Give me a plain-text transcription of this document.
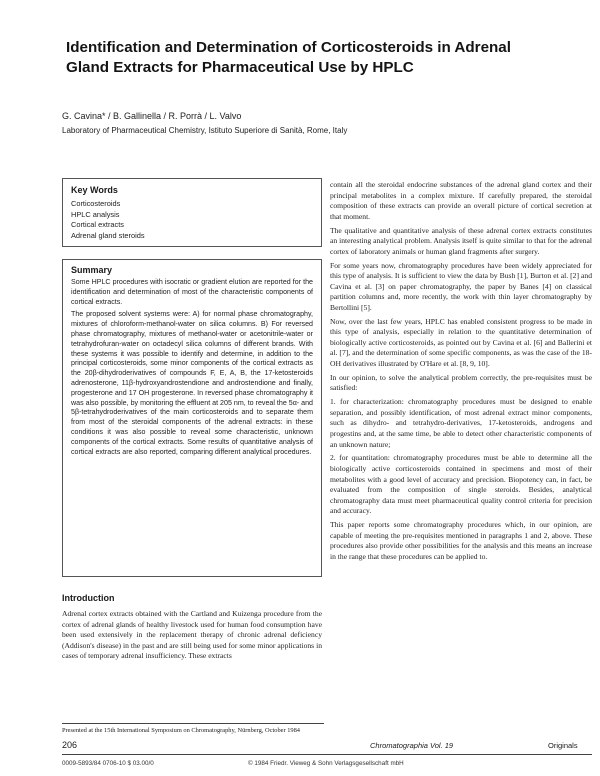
Identification and Determination of Corticosteroids in Adrenal Gland Extracts for Pharmaceutical Use by HPLC
G. Cavina* / B. Gallinella / R. Porrà / L. Valvo
Laboratory of Pharmaceutical Chemistry, Istituto Superiore di Sanità, Rome, Italy
Key Words
Corticosteroids
HPLC analysis
Cortical extracts
Adrenal gland steroids
Summary

Some HPLC procedures with isocratic or gradient elution are reported for the identification and determination of most of the characteristic components of cortical extracts.

The proposed solvent systems were: A) for normal phase chromatography, mixtures of chloroform-methanol-water on silica columns. B) For reversed phase chromatography, mixtures of methanol-water or acetonitrile-water or tetrahydrofuran-water on octadecyl silica columns of different brands. With these systems it was possible to identify and determine, in addition to the principal corticosteroids, some minor components of the cortical extracts as the 20β-dihydroderivatives of compounds F, E, A, B, the 17-ketosteroids adrenosterone, 11β-hydroxyandrostendione and androstendione and finally, progesterone and 17 OH progesterone. In reversed phase chromatography it was also possible, by monitoring the effluent at 205 nm, to reveal the 5α- and 5β-tetrahydroderivatives of the main corticosteroids and to separate them from most of the steroidal components of the adrenal extracts: in these conditions it was also possible to reveal some characteristic, unknown components of the cortical extracts. Some results of quantitative analysis of cortical extracts are also reported, comparing different analytical procedures.

Introduction

Adrenal cortex extracts obtained with the Cartland and Kuizenga procedure from the cortex of adrenal glands of healthy livestock used for human food consumption have been used extensively in the replacement therapy of chronic adrenal deficiency (Addison's disease) in the past and are still being used for some minor applications in cases of temporary adrenal insufficiency. These extracts

Presented at the 15th International Symposium on Chromatography, Nürnberg, October 1984

contain all the steroidal endocrine substances of the adrenal gland cortex and their principal metabolites in a complex mixture. If carefully prepared, the steroidal composition of these extracts can provide an overall picture of cortical secretion at that moment.

The qualitative and quantitative analysis of these adrenal cortex extracts constitutes an interesting analytical problem. Analysis itself is quite similar to that for the adrenal cortex of laboratory animals or human gland fragments after surgery.

For some years now, chromatography procedures have been widely appreciated for this type of analysis. It is sufficient to view the data by Bush [1], Burton et al. [2] and Cavina et al. [3] on paper chromatography, the paper by Banes [4] on classical partition columns and, more recently, the work with thin layer chromatography by Bertollini [5].

Now, over the last few years, HPLC has enabled consistent progress to be made in this type of analysis, especially in relation to the quantitative determination of biologically active corticosteroids, as pointed out by Cavina et al. [6] and Ballerini et al. [7], and the determination of some specific components, as was the case of the 18-OH derivatives illustrated by O'Hare et al. [8, 9, 10].

In our opinion, to solve the analytical problem correctly, the pre-requisites must be satisfied:

1. for characterization: chromatography procedures must be designed to enable separation, and possibly identification, of most adrenal extract minor components, such as dihydro- and tetrahydro-derivatives, 17-ketosteroids, androgens and progestins and, at the same time, be able to detect other characteristic components of an unknown nature;

2. for quantitation: chromatography procedures must be able to determine all the biologically active corticosteroids contained in specimens and most of their metabolites with a good level of accuracy and precision. Biopotency can, in fact, be evaluated from the composition of single steroids. Besides, analytical chromatography data must meet pharmaceutical quality control criteria for precision and accuracy.

This paper reports some chromatography procedures which, in our opinion, are capable of meeting the pre-requisites mentioned in paragraphs 1 and 2, above. These procedures also provide other possibilities for the analysis and this means an increase in the range that these procedures can be applied to.

206	Chromatographia Vol. 19	Originals
0009-5893/84 0706-10 $ 03.00/0	© 1984 Friedr. Vieweg & Sohn Verlagsgesellschaft mbH
